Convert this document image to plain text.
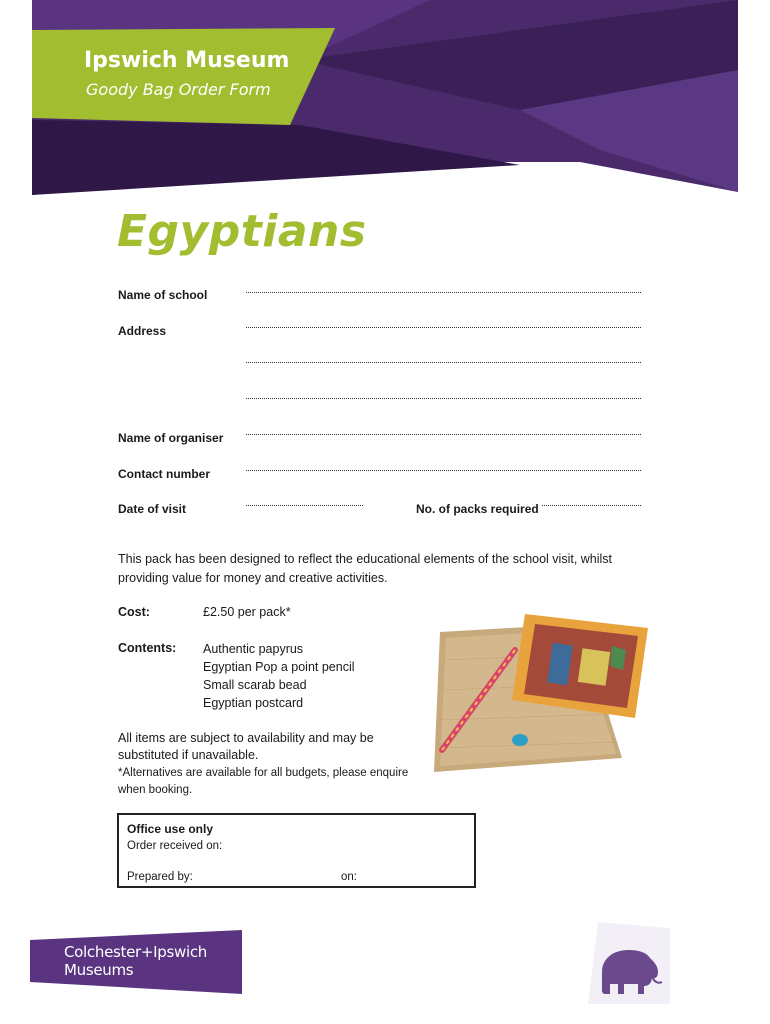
Ipswich Museum

Goody Bag Order Form

Egyptians
Name of school
Address
Name of organiser
Contact number
Date of visit	No. of packs required

This pack has been designed to reflect the educational elements of the school visit, whilst providing value for money and creative activities.

Cost:	£2.50 per pack*
Contents: Authentic papyrus
Egyptian Pop a point pencil
Small scarab bead
Egyptian postcard

All items are subject to availability and may be substituted if unavailable.

*Alternatives are available for all budgets, please enquire when booking.

Office use only
Order received on:
Prepared by:	on:

Colchester+Ipswich

Museums
